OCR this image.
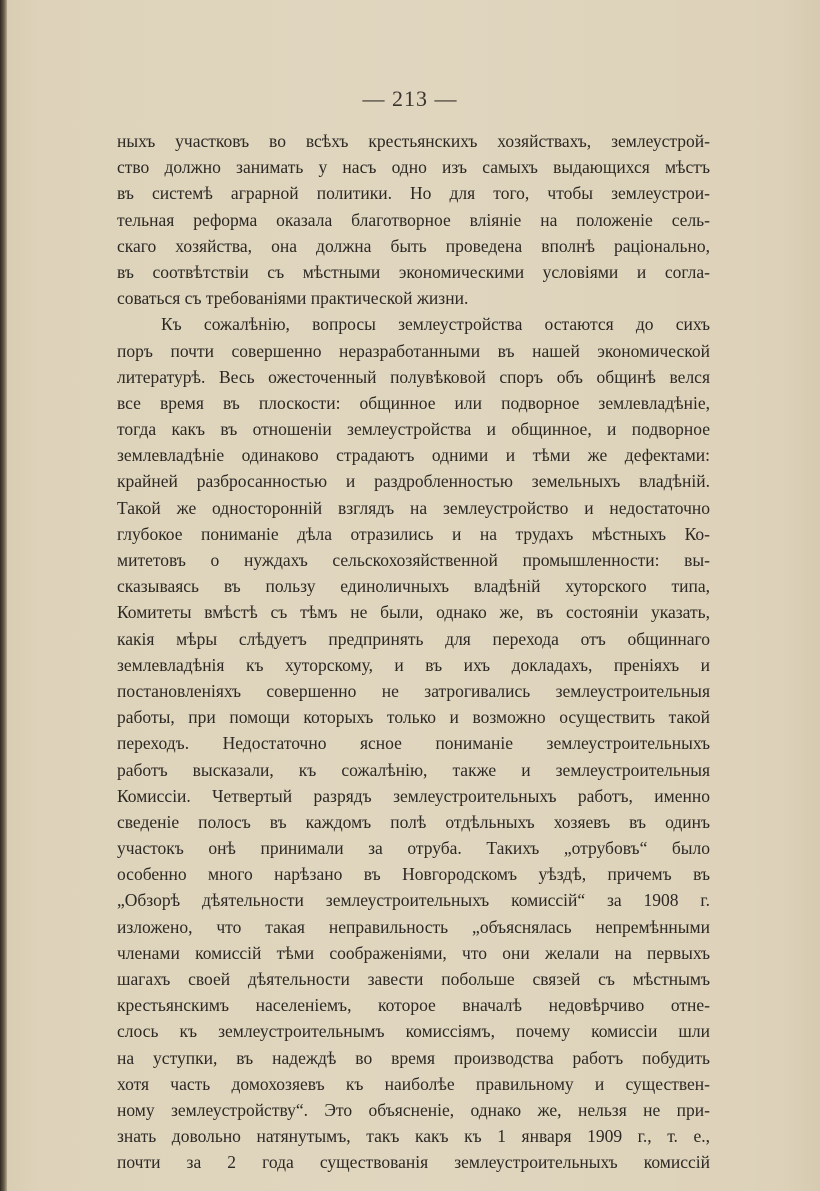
— 213 —
ныхъ участковъ во всѣхъ крестьянскихъ хозяйствахъ, землеустрой-
ство должно занимать у насъ одно изъ самыхъ выдающихся мѣстъ
въ системѣ аграрной политики. Но для того, чтобы землеустрои-
тельная реформа оказала благотворное вліяніе на положеніе сель-
скаго хозяйства, она должна быть проведена вполнѣ раціонально,
въ соотвѣтствіи съ мѣстными экономическими условіями и согла-
соваться съ требованіями практической жизни.
Къ сожалѣнію, вопросы землеустройства остаются до сихъ
поръ почти совершенно неразработанными въ нашей экономической
литературѣ. Весь ожесточенный полувѣковой споръ объ общинѣ велся
все время въ плоскости: общинное или подворное землевладѣніе,
тогда какъ въ отношеніи землеустройства и общинное, и подворное
землевладѣніе одинаково страдаютъ одними и тѣми же дефектами:
крайней разбросанностью и раздробленностью земельныхъ владѣній.
Такой же односторонній взглядъ на землеустройство и недостаточно
глубокое пониманіе дѣла отразились и на трудахъ мѣстныхъ Ко-
митетовъ о нуждахъ сельскохозяйственной промышленности: вы-
сказываясь въ пользу единоличныхъ владѣній хуторского типа,
Комитеты вмѣстѣ съ тѣмъ не были, однако же, въ состояніи указать,
какія мѣры слѣдуетъ предпринять для перехода отъ общиннаго
землевладѣнія къ хуторскому, и въ ихъ докладахъ, преніяхъ и
постановленіяхъ совершенно не затрогивались землеустроительныя
работы, при помощи которыхъ только и возможно осуществить такой
переходъ. Недостаточно ясное пониманіе землеустроительныхъ
работъ высказали, къ сожалѣнію, также и землеустроительныя
Комиссіи. Четвертый разрядъ землеустроительныхъ работъ, именно
сведеніе полосъ въ каждомъ полѣ отдѣльныхъ хозяевъ въ одинъ
участокъ онѣ принимали за отруба. Такихъ „отрубовъ“ было
особенно много нарѣзано въ Новгородскомъ уѣздѣ, причемъ въ
„Обзорѣ дѣятельности землеустроительныхъ комиссій“ за 1908 г.
изложено, что такая неправильность „объяснялась непремѣнными
членами комиссій тѣми соображеніями, что они желали на первыхъ
шагахъ своей дѣятельности завести побольше связей съ мѣстнымъ
крестьянскимъ населеніемъ, которое вначалѣ недовѣрчиво отне-
слось къ землеустроительнымъ комиссіямъ, почему комиссіи шли
на уступки, въ надеждѣ во время производства работъ побудить
хотя часть домохозяевъ къ наиболѣе правильному и существен-
ному землеустройству“. Это объясненіе, однако же, нельзя не при-
знать довольно натянутымъ, такъ какъ къ 1 января 1909 г., т. е.,
почти за 2 года существованія землеустроительныхъ комиссій
